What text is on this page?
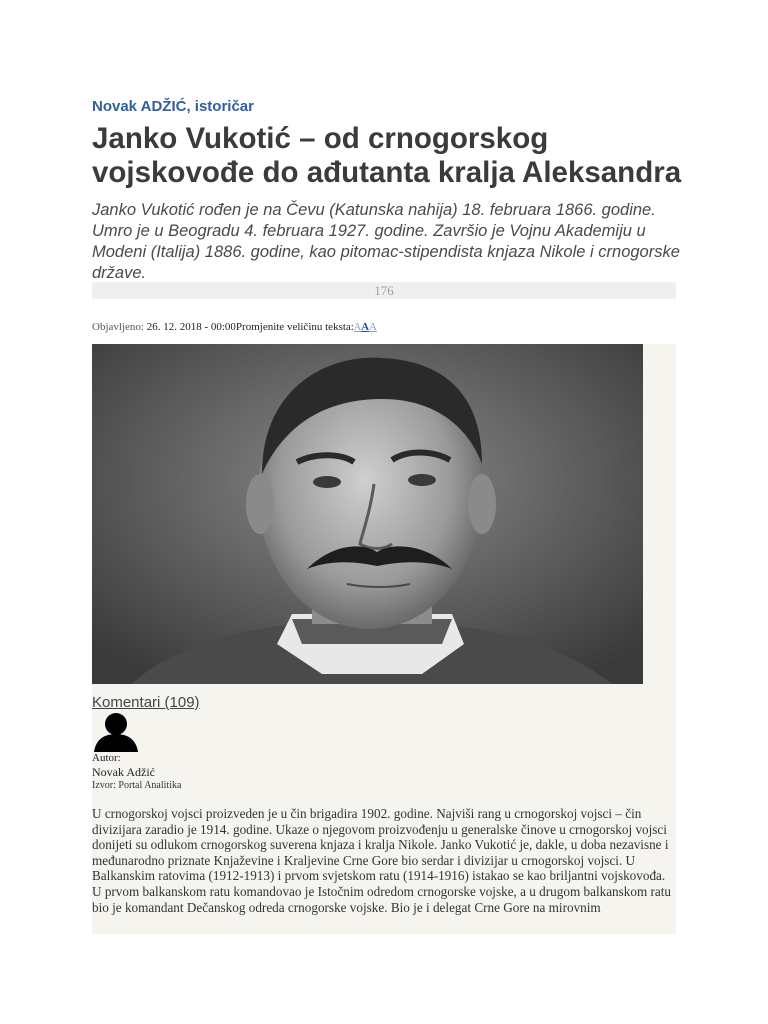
Novak ADŽIĆ, istoričar
Janko Vukotić – od crnogorskog vojskovođe do ađutanta kralja Aleksandra

Janko Vukotić rođen je na Čevu (Katunska nahija) 18. februara 1866. godine. Umro je u Beogradu 4. februara 1927. godine. Završio je Vojnu Akademiju u Modeni (Italija) 1886. godine, kao pitomac-stipendista knjaza Nikole i crnogorske države.

176
Objavljeno: 26. 12. 2018 - 00:00Promjenite veličinu teksta:AAA
Komentari (109)
Autor:
Novak Adžić
Izvor: Portal Analitika

U crnogorskoj vojsci proizveden je u čin brigadira 1902. godine. Najviši rang u crnogorskoj vojsci – čin divizijara zaradio je 1914. godine. Ukaze o njegovom proizvođenju u generalske činove u crnogorskoj vojsci donijeti su odlukom crnogorskog suverena knjaza i kralja Nikole. Janko Vukotić je, dakle, u doba nezavisne i međunarodno priznate Knjaževine i Kraljevine Crne Gore bio serdar i divizijar u crnogorskoj vojsci. U Balkanskim ratovima (1912-1913) i prvom svjetskom ratu (1914-1916) istakao se kao briljantni vojskovođa. U prvom balkanskom ratu komandovao je Istočnim odredom crnogorske vojske, a u drugom balkanskom ratu bio je komandant Dečanskog odreda crnogorske vojske. Bio je i delegat Crne Gore na mirovnim
